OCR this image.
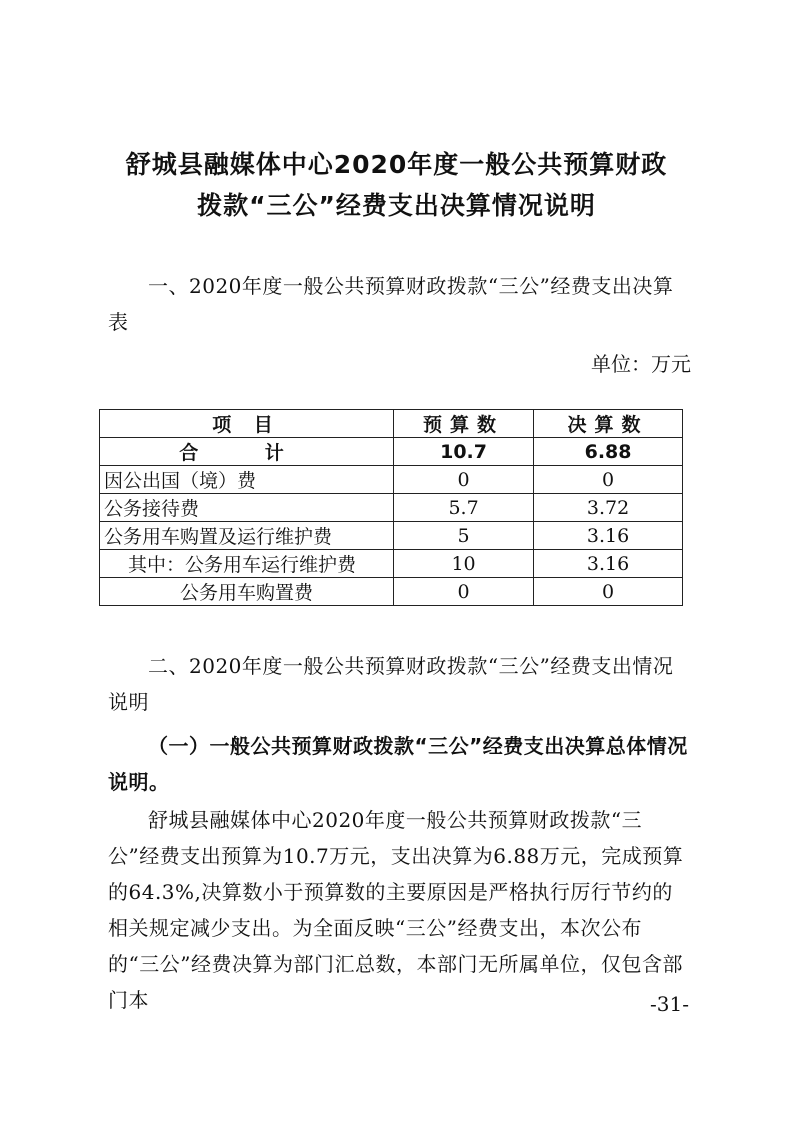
舒城县融媒体中心2020年度一般公共预算财政
拨款“三公”经费支出决算情况说明

一、2020年度一般公共预算财政拨款“三公”经费支出决算表

单位：万元
项 目	预算数	决算数
合 计	10.7	6.88
因公出国（境）费	0	0
公务接待费	5.7	3.72
公务用车购置及运行维护费	5	3.16
其中：公务用车运行维护费	10	3.16
公务用车购置费	0	0

二、2020年度一般公共预算财政拨款“三公”经费支出情况说明

（一）一般公共预算财政拨款“三公”经费支出决算总体情况说明。

舒城县融媒体中心2020年度一般公共预算财政拨款“三公”经费支出预算为10.7万元，支出决算为6.88万元，完成预算的64.3%,决算数小于预算数的主要原因是严格执行厉行节约的相关规定减少支出。为全面反映“三公”经费支出，本次公布的“三公”经费决算为部门汇总数，本部门无所属单位，仅包含部门本	-31-
